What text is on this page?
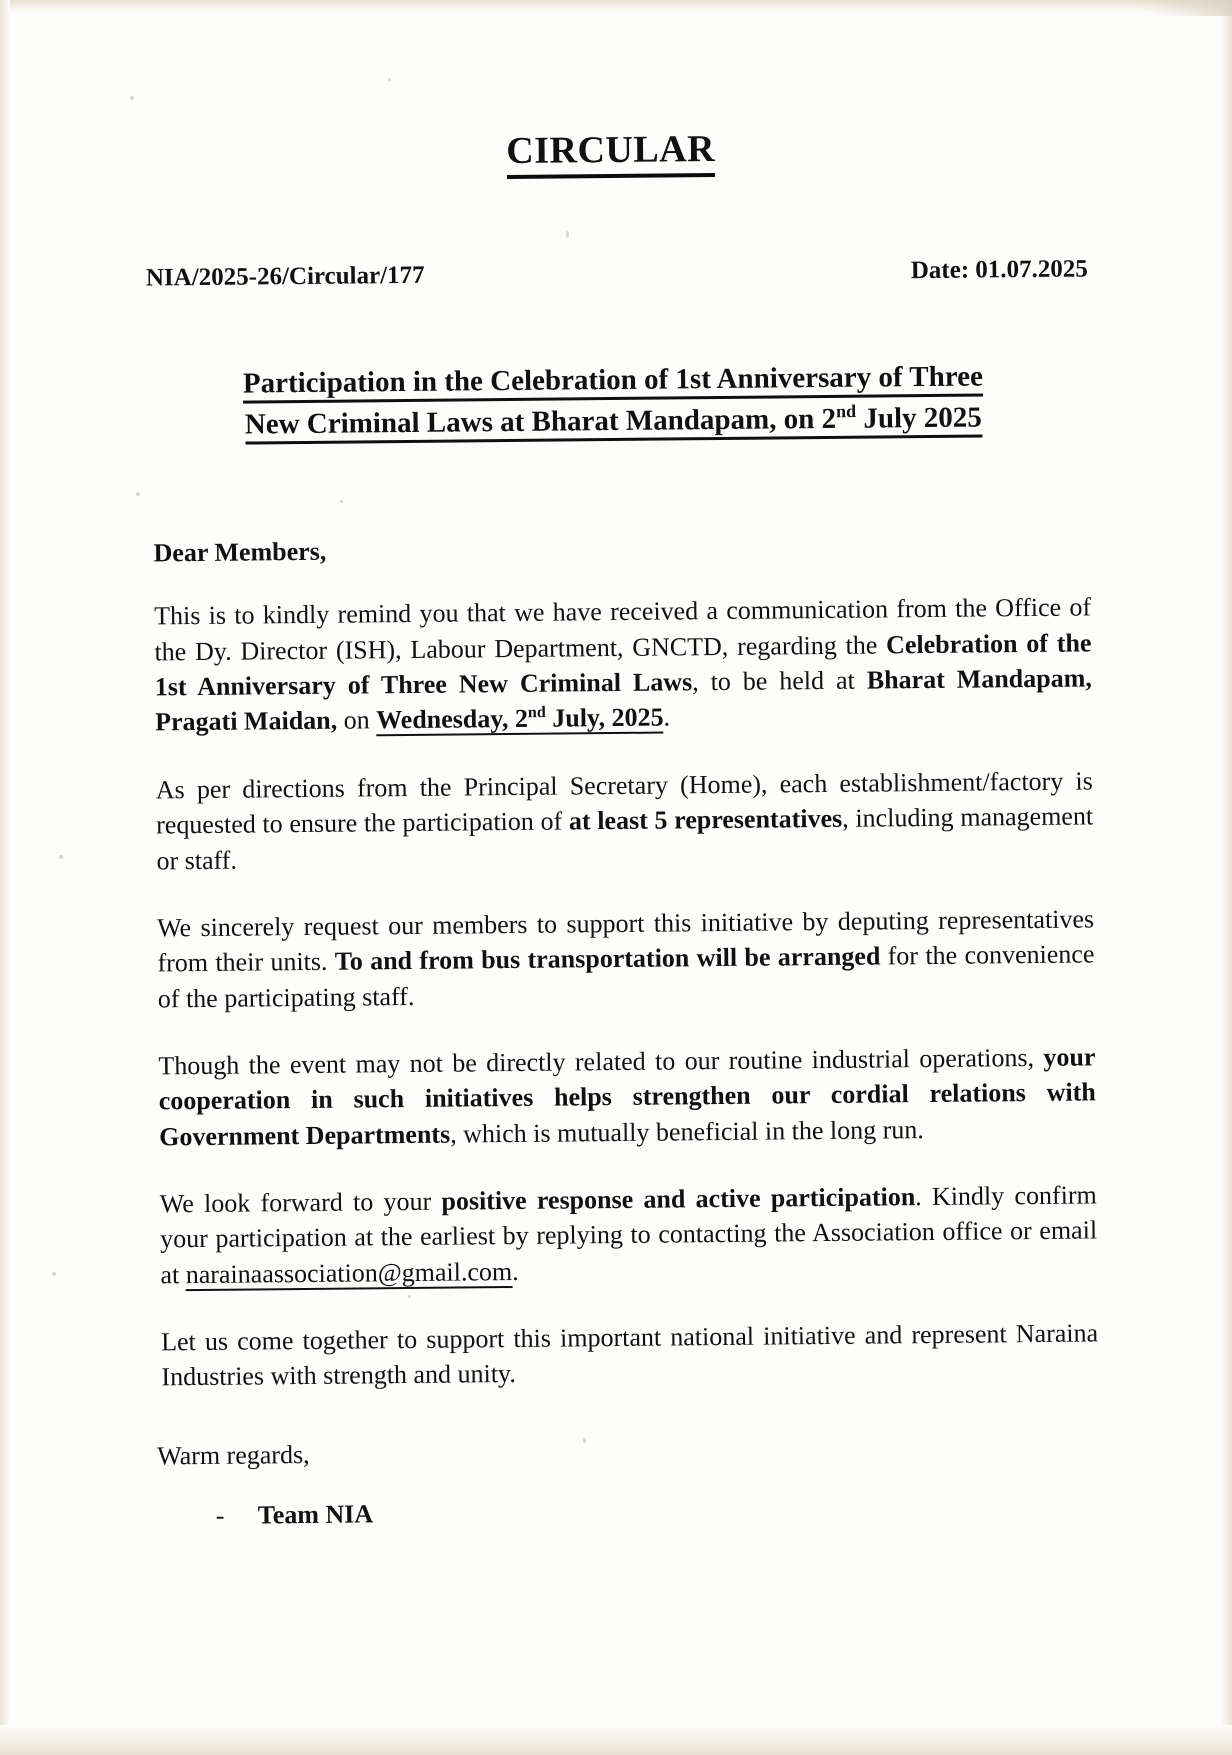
CIRCULAR
NIA/2025-26/Circular/177	Date: 01.07.2025
Participation in the Celebration of 1st Anniversary of Three
New Criminal Laws at Bharat Mandapam, on 2nd July 2025
Dear Members,

This is to kindly remind you that we have received a communication from the Office of the Dy. Director (ISH), Labour Department, GNCTD, regarding the Celebration of the 1st Anniversary of Three New Criminal Laws, to be held at Bharat Mandapam, Pragati Maidan, on Wednesday, 2nd July, 2025.

As per directions from the Principal Secretary (Home), each establishment/factory is requested to ensure the participation of at least 5 representatives, including management or staff.

We sincerely request our members to support this initiative by deputing representatives from their units. To and from bus transportation will be arranged for the convenience of the participating staff.

Though the event may not be directly related to our routine industrial operations, your cooperation in such initiatives helps strengthen our cordial relations with Government Departments, which is mutually beneficial in the long run.

We look forward to your positive response and active participation. Kindly confirm your participation at the earliest by replying to contacting the Association office or email at narainaassociation@gmail.com.

Let us come together to support this important national initiative and represent Naraina Industries with strength and unity.

Warm regards,
- Team NIA
